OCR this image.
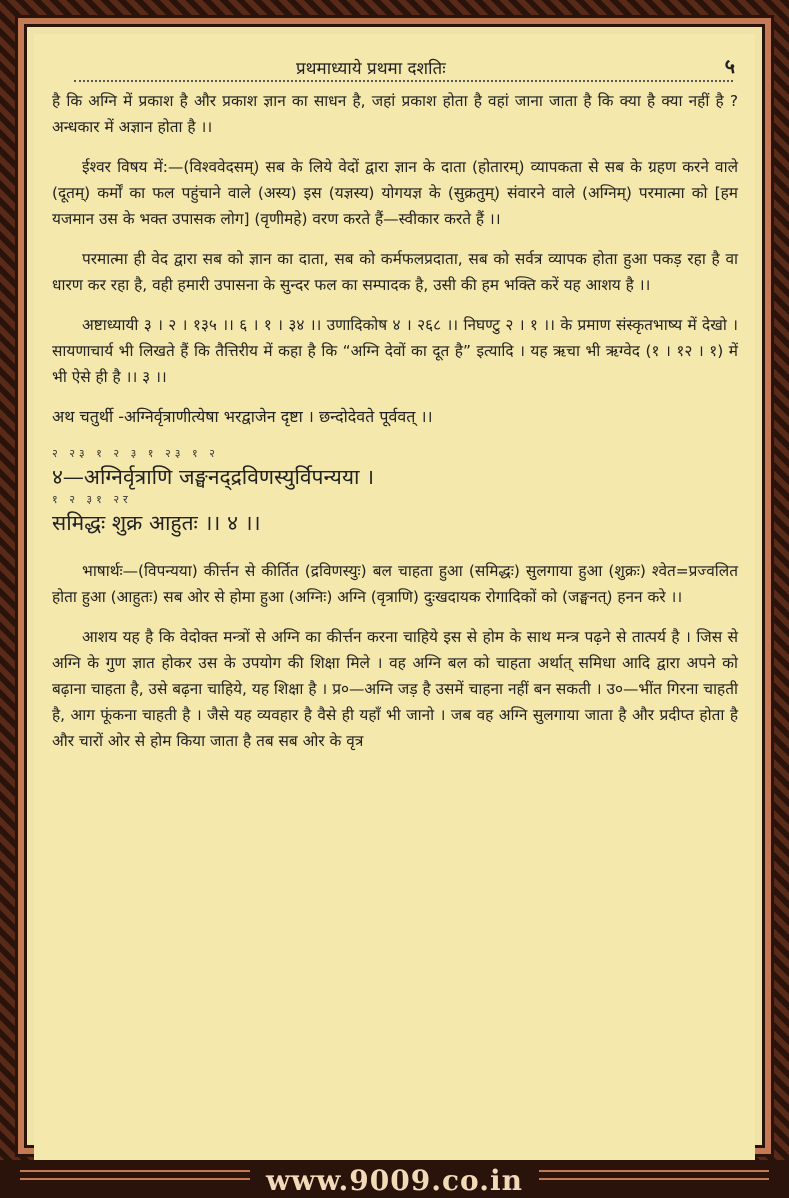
प्रथमाध्याये प्रथमा दशतिः	५

है कि अग्नि में प्रकाश है और प्रकाश ज्ञान का साधन है, जहां प्रकाश होता है वहां जाना जाता है कि क्या है क्या नहीं है ? अन्धकार में अज्ञान होता है ।।

ईश्वर विषय में:—(विश्ववेदसम्) सब के लिये वेदों द्वारा ज्ञान के दाता (होतारम्) व्यापकता से सब के ग्रहण करने वाले (दूतम्) कर्मों का फल पहुंचाने वाले (अस्य) इस (यज्ञस्य) योगयज्ञ के (सुक्रतुम्) संवारने वाले (अग्निम्) परमात्मा को [हम यजमान उस के भक्त उपासक लोग] (वृणीमहे) वरण करते हैं—स्वीकार करते हैं ।।

परमात्मा ही वेद द्वारा सब को ज्ञान का दाता, सब को कर्मफलप्रदाता, सब को सर्वत्र व्यापक होता हुआ पकड़ रहा है वा धारण कर रहा है, वही हमारी उपासना के सुन्दर फल का सम्पादक है, उसी की हम भक्ति करें यह आशय है ।।

अष्टाध्यायी ३ । २ । १३५ ।। ६ । १ । ३४ ।। उणादिकोष ४ । २६८ ।। निघण्टु २ । १ ।। के प्रमाण संस्कृतभाष्य में देखो । सायणाचार्य भी लिखते हैं कि तैत्तिरीय में कहा है कि “अग्नि देवों का दूत है” इत्यादि । यह ऋचा भी ऋग्वेद (१ । १२ । १) में भी ऐसे ही है ।। ३ ।।

अथ चतुर्थी -अग्निर्वृत्राणीत्येषा भरद्वाजेन दृष्टा । छन्दोदेवते पूर्ववत् ।।

२ २३ १ २ ३ १ २३ १ २
४—अग्निर्वृत्राणि जङ्घनद्द्रविणस्युर्विपन्यया ।

१ २ ३१ २र
समिद्धः शुक्र आहुतः ।। ४ ।।

भाषार्थः—(विपन्यया) कीर्त्तन से कीर्तित (द्रविणस्युः) बल चाहता हुआ (समिद्धः) सुलगाया हुआ (शुक्रः) श्वेत=प्रज्वलित होता हुआ (आहुतः) सब ओर से होमा हुआ (अग्निः) अग्नि (वृत्राणि) दुःखदायक रोगादिकों को (जङ्घनत्) हनन करे ।।

आशय यह है कि वेदोक्त मन्त्रों से अग्नि का कीर्त्तन करना चाहिये इस से होम के साथ मन्त्र पढ़ने से तात्पर्य है । जिस से अग्नि के गुण ज्ञात होकर उस के उपयोग की शिक्षा मिले । वह अग्नि बल को चाहता अर्थात् समिधा आदि द्वारा अपने को बढ़ाना चाहता है, उसे बढ़ना चाहिये, यह शिक्षा है । प्र०—अग्नि जड़ है उसमें चाहना नहीं बन सकती । उ०—भींत गिरना चाहती है, आग फूंकना चाहती है । जैसे यह व्यवहार है वैसे ही यहाँ भी जानो । जब वह अग्नि सुलगाया जाता है और प्रदीप्त होता है और चारों ओर से होम किया जाता है तब सब ओर के वृत्र

www.9009.co.in
